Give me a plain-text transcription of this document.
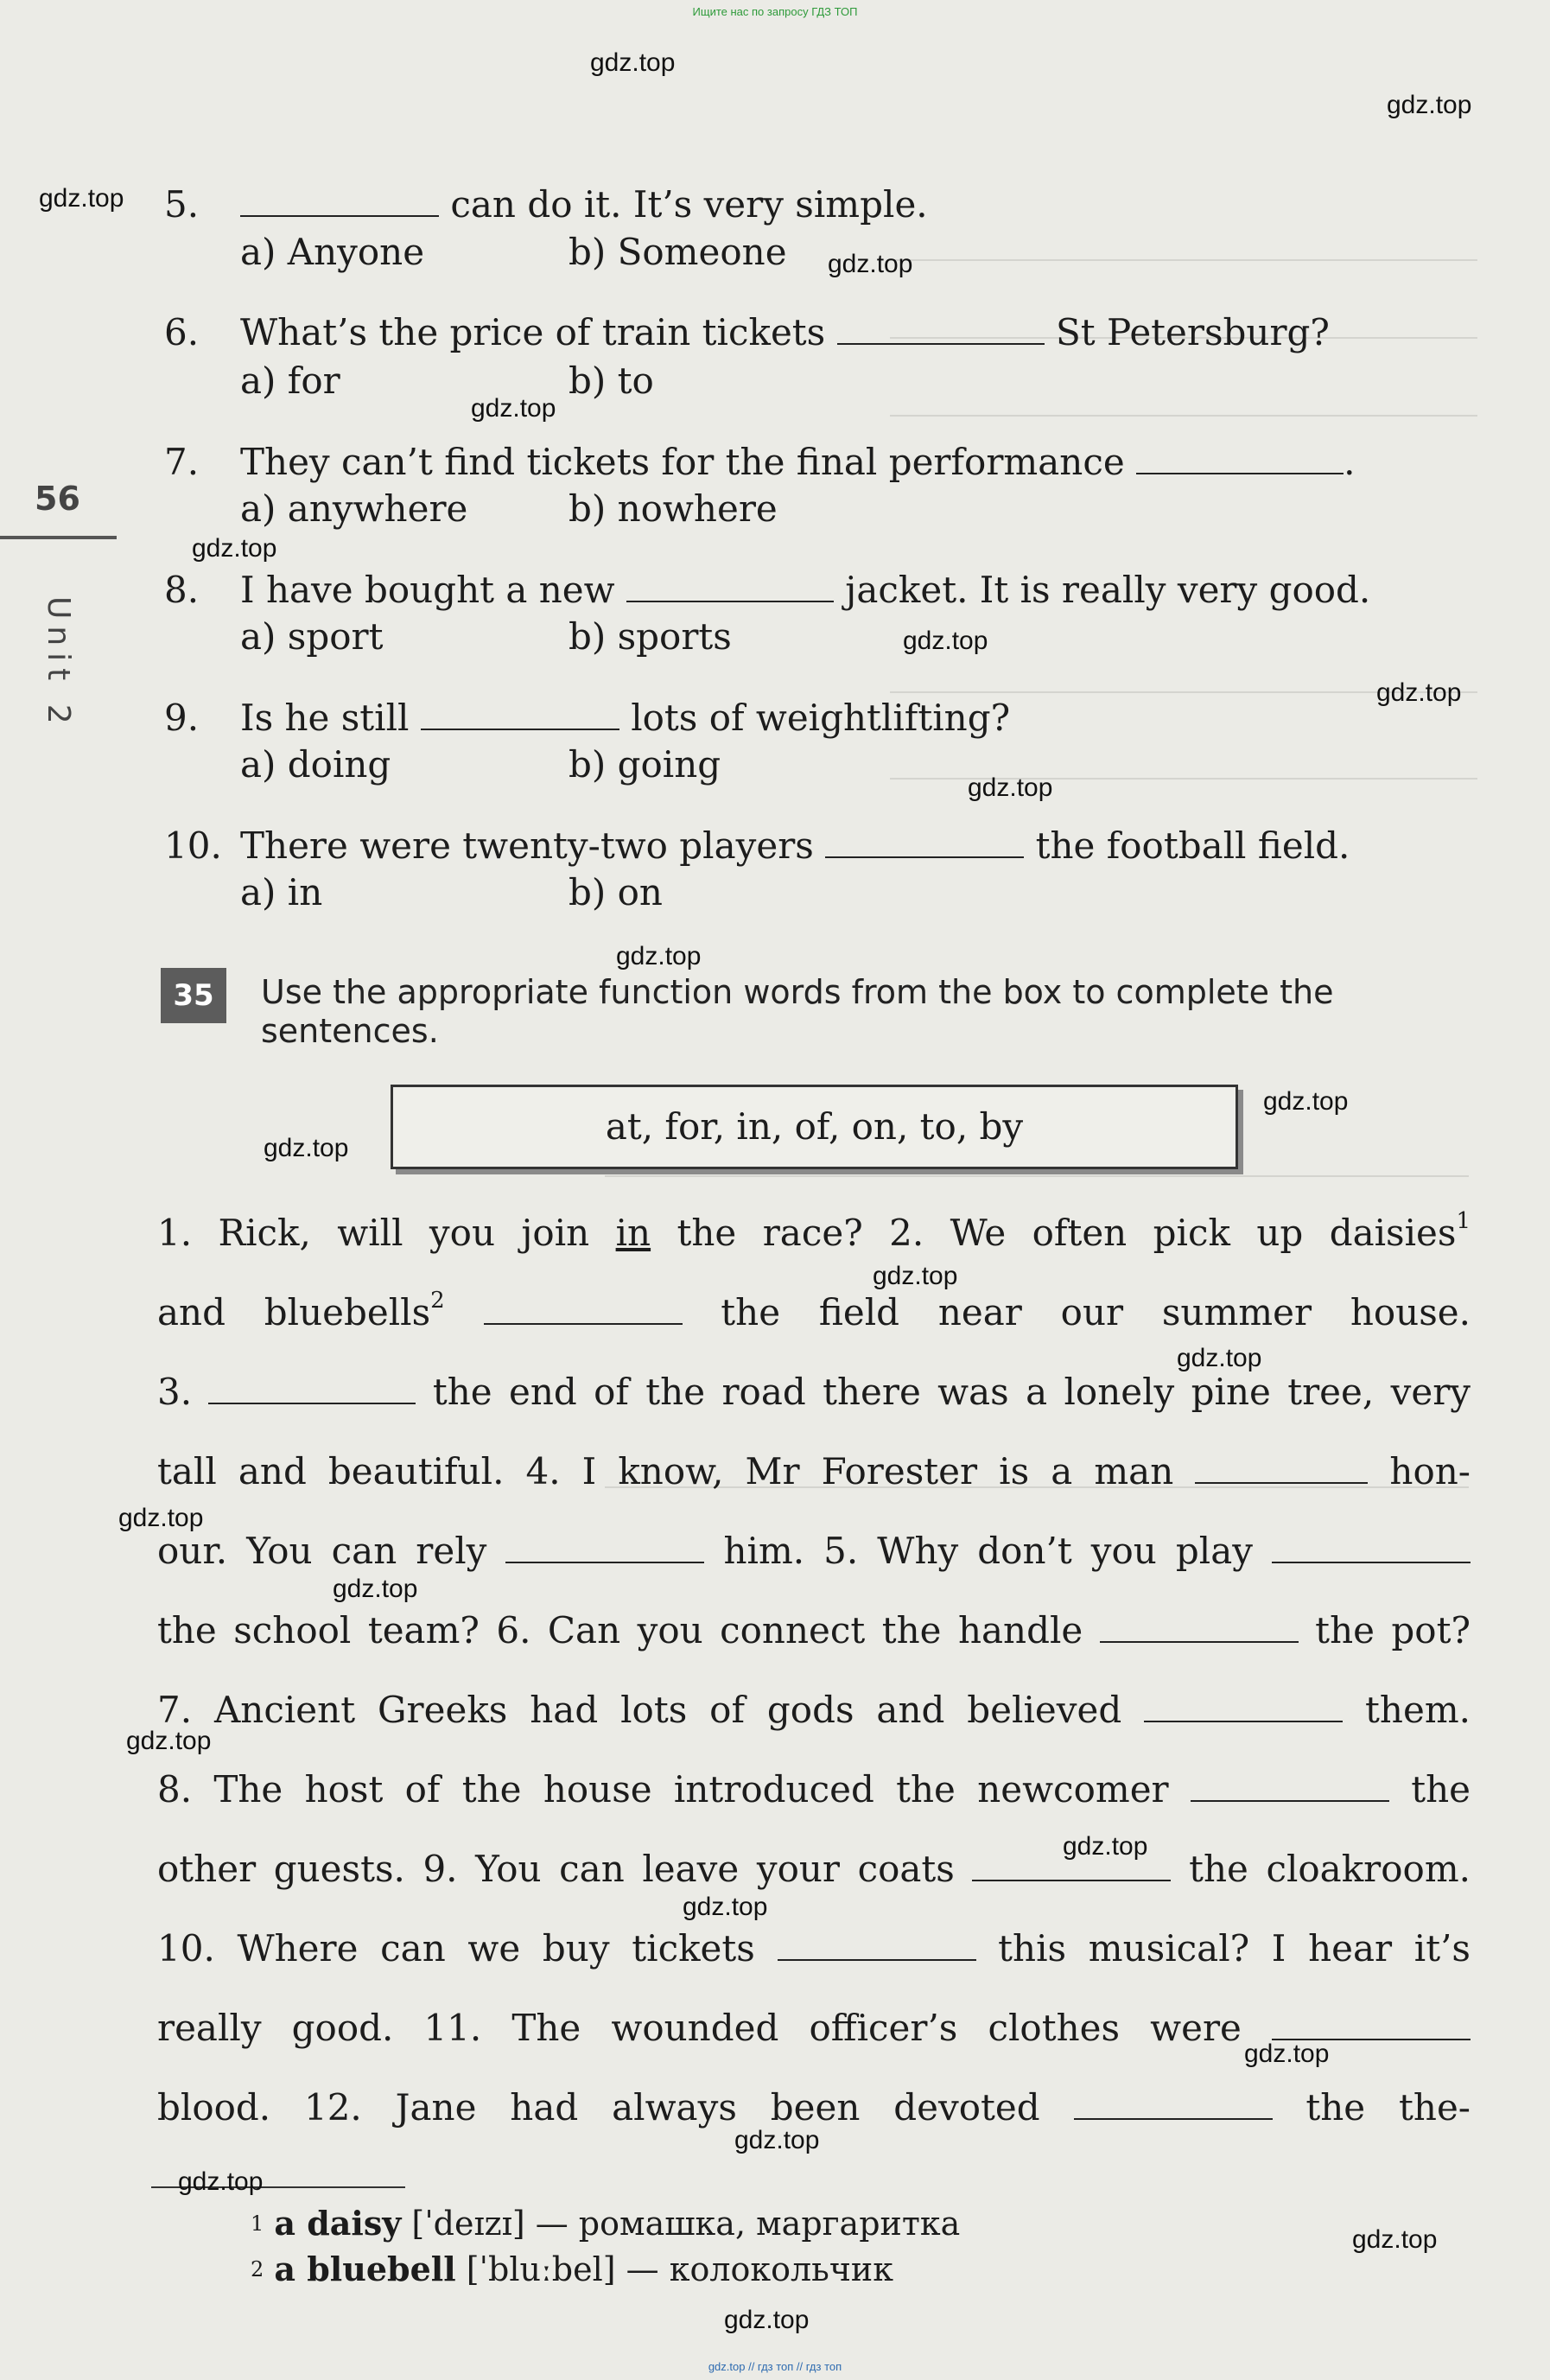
Ищите нас по запросу ГДЗ ТОП
56
Unit 2
5.	can do it. It’s very simple.
a) Anyone	b) Someone
6. What’s the price of train tickets	St Petersburg?
a) for	b) to
7. They can’t find tickets for the final performance	.
a) anywhere	b) nowhere
8. I have bought a new	jacket. It is really very good.
a) sport	b) sports
9. Is he still	lots of weightlifting?
a) doing	b) going
10. There were twenty-two players	the football field.
a) in	b) on
35	Use the appropriate function words from the box to complete the sentences.
at, for, in, of, on, to, by
1. Rick, will you join in the race? 2. We often pick up daisies$^1$
and bluebells$^2$	the field near our summer house.
3.	the end of the road there was a lonely pine tree, very
tall and beautiful. 4. I know, Mr Forester is a man	hon-
our. You can rely	him. 5. Why don’t you play
the school team? 6. Can you connect the handle	the pot?
7. Ancient Greeks had lots of gods and believed	them.
8. The host of the house introduced the newcomer	the
other guests. 9. You can leave your coats	the cloakroom.
10. Where can we buy tickets	this musical? I hear it’s
really good. 11. The wounded officer’s clothes were
blood. 12. Jane had always been devoted	the the-
$^1$ a daisy [ˈdeɪzɪ] — ромашка, маргаритка
$^2$ a bluebell [ˈbluːbel] — колокольчик
gdz.top
gdz.top
gdz.top
gdz.top
gdz.top
gdz.top
gdz.top
gdz.top
gdz.top
gdz.top
gdz.top
gdz.top
gdz.top
gdz.top
gdz.top
gdz.top
gdz.top
gdz.top
gdz.top
gdz.top
gdz.top
gdz.top
gdz.top
gdz.top
gdz.top // гдз топ // гдз топ
